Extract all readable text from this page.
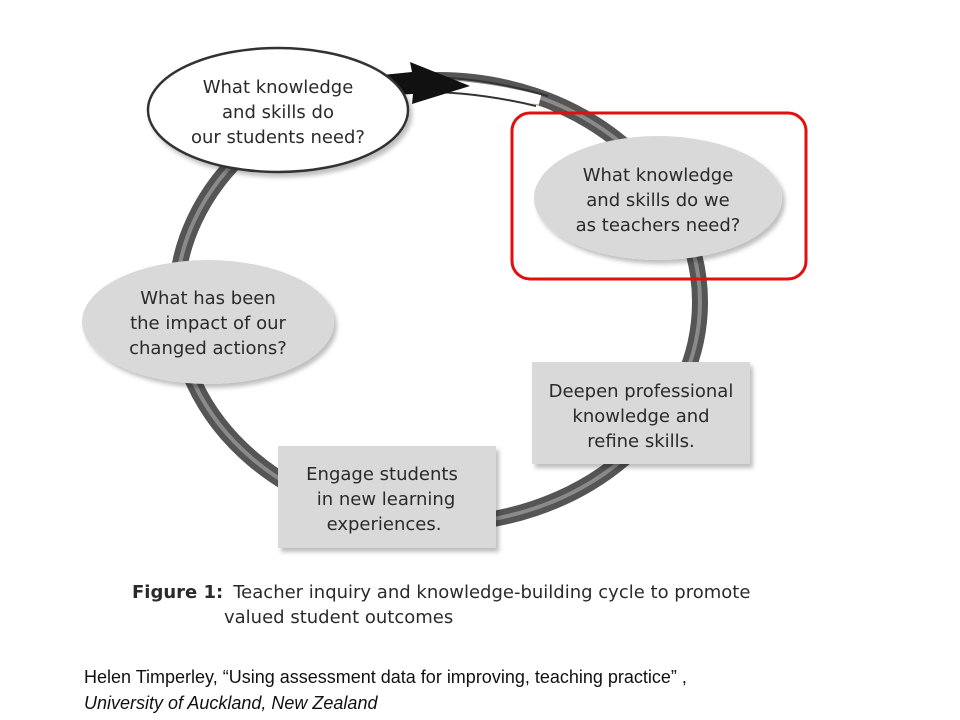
What knowledge
and skills do
our students need?
What knowledge
and skills do we
as teachers need?
Deepen professional
knowledge and
refine skills.
Engage students
in new learning
experiences.
What has been
the impact of our
changed actions?
Figure 1: Teacher inquiry and knowledge-building cycle to promote
valued student outcomes
Helen Timperley, “Using assessment data for improving, teaching practice” ,
University of Auckland, New Zealand
